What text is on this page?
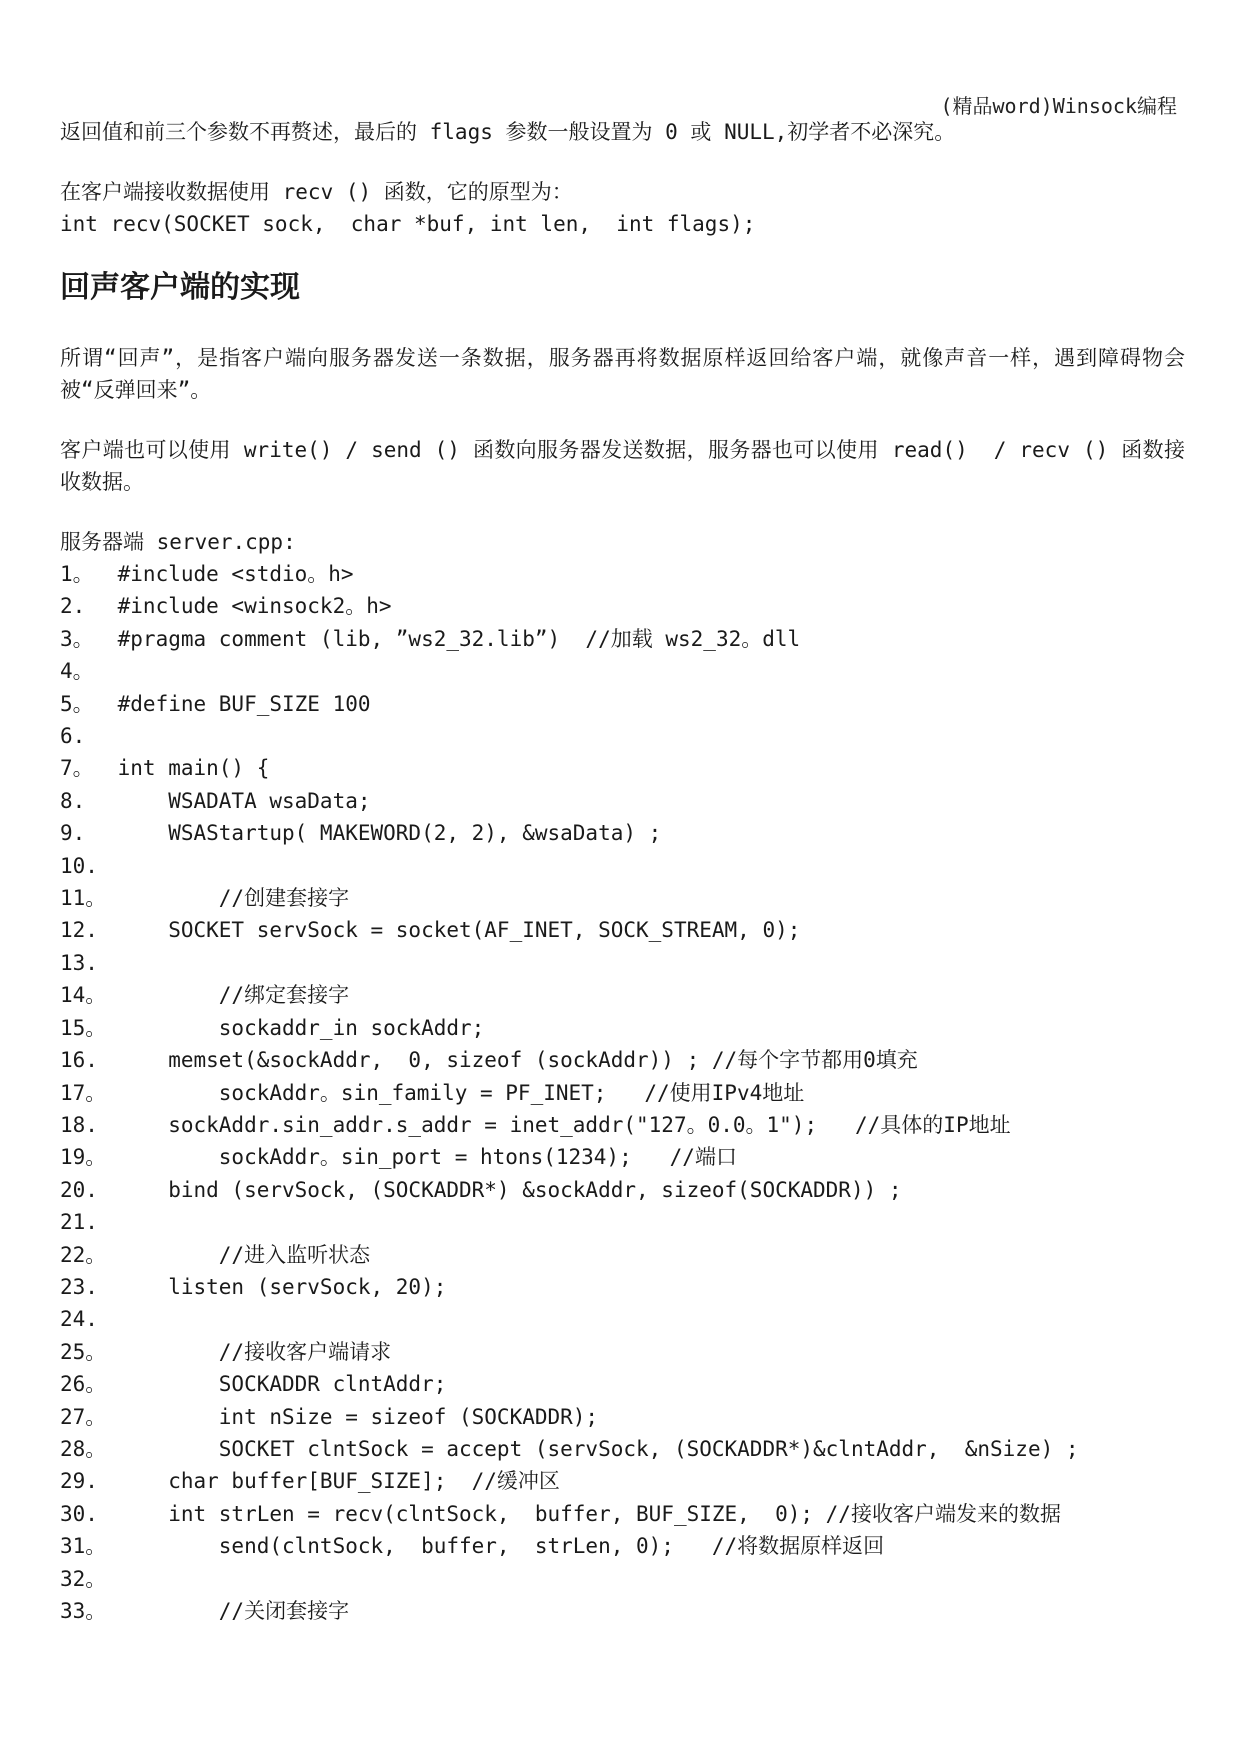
(精品word)Winsock编程

返回值和前三个参数不再赘述，最后的 flags 参数一般设置为 0 或 NULL,初学者不必深究。

在客户端接收数据使用 recv () 函数，它的原型为：

int recv(SOCKET sock,  char *buf, int len,  int flags);

回声客户端的实现

所谓“回声”，是指客户端向服务器发送一条数据，服务器再将数据原样返回给客户端，就像声音一样，遇到障碍物会被“反弹回来”。

客户端也可以使用 write() / send () 函数向服务器发送数据，服务器也可以使用 read()  / recv () 函数接收数据。

服务器端 server.cpp:

1。 #include <stdio。h>
2. #include <winsock2。h>
3。 #pragma comment (lib, ”ws2_32.lib”)  //加载 ws2_32。dll
4。
5。 #define BUF_SIZE 100
6.
7。 int main() {
8. WSADATA wsaData;
9. WSAStartup( MAKEWORD(2, 2), &wsaData) ;
10.
11。
//创建套接字
12. SOCKET servSock = socket(AF_INET, SOCK_STREAM, 0);
13.
14。
//绑定套接字
15。
sockaddr_in sockAddr;
16. memset(&sockAddr,  0, sizeof (sockAddr)) ; //每个字节都用0填充
17。
sockAddr。sin_family = PF_INET;   //使用IPv4地址
18. sockAddr.sin_addr.s_addr = inet_addr("127。0.0。1");   //具体的IP地址
19。
sockAddr。sin_port = htons(1234);   //端口
20. bind (servSock, (SOCKADDR*) &sockAddr, sizeof(SOCKADDR)) ;
21.
22。
//进入监听状态
23. listen (servSock, 20);
24.
25。
//接收客户端请求
26。
SOCKADDR clntAddr;
27。
int nSize = sizeof (SOCKADDR);
28。
SOCKET clntSock = accept (servSock, (SOCKADDR*)&clntAddr,  &nSize) ;
29. char buffer[BUF_SIZE];  //缓冲区
30. int strLen = recv(clntSock,  buffer, BUF_SIZE,  0); //接收客户端发来的数据
31。
send(clntSock,  buffer,  strLen, 0);   //将数据原样返回
32。
33。
//关闭套接字
